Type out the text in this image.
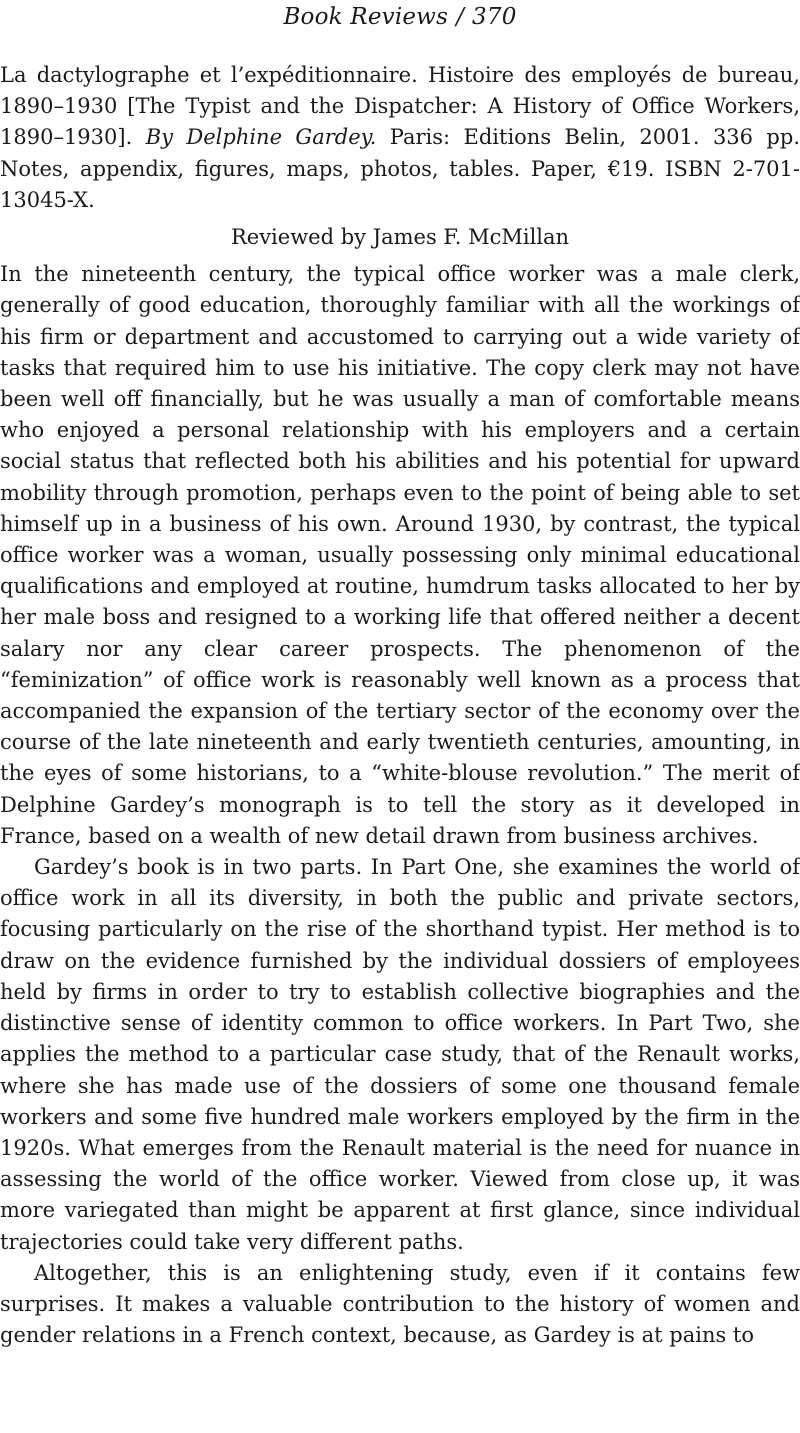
Book Reviews / 370

La dactylographe et l’expéditionnaire. Histoire des employés de bureau, 1890–1930 [The Typist and the Dispatcher: A History of Office Workers, 1890–1930]. By Delphine Gardey. Paris: Editions Belin, 2001. 336 pp. Notes, appendix, figures, maps, photos, tables. Paper, €19. ISBN 2-701-13045-X.

Reviewed by James F. McMillan

In the nineteenth century, the typical office worker was a male clerk, generally of good education, thoroughly familiar with all the workings of his firm or department and accustomed to carrying out a wide variety of tasks that required him to use his initiative. The copy clerk may not have been well off financially, but he was usually a man of comfortable means who enjoyed a personal relationship with his employers and a certain social status that reflected both his abilities and his potential for upward mobility through promotion, perhaps even to the point of being able to set himself up in a business of his own. Around 1930, by contrast, the typical office worker was a woman, usually possessing only minimal educational qualifications and employed at routine, humdrum tasks allocated to her by her male boss and resigned to a working life that offered neither a decent salary nor any clear career prospects. The phenomenon of the “feminization” of office work is reasonably well known as a process that accompanied the expansion of the tertiary sector of the economy over the course of the late nineteenth and early twentieth centuries, amounting, in the eyes of some historians, to a “white-blouse revolution.” The merit of Delphine Gardey’s monograph is to tell the story as it developed in France, based on a wealth of new detail drawn from business archives.

Gardey’s book is in two parts. In Part One, she examines the world of office work in all its diversity, in both the public and private sectors, focusing particularly on the rise of the shorthand typist. Her method is to draw on the evidence furnished by the individual dossiers of employees held by firms in order to try to establish collective biographies and the distinctive sense of identity common to office workers. In Part Two, she applies the method to a particular case study, that of the Renault works, where she has made use of the dossiers of some one thousand female workers and some five hundred male workers employed by the firm in the 1920s. What emerges from the Renault material is the need for nuance in assessing the world of the office worker. Viewed from close up, it was more variegated than might be apparent at first glance, since individual trajectories could take very different paths.

Altogether, this is an enlightening study, even if it contains few surprises. It makes a valuable contribution to the history of women and gender relations in a French context, because, as Gardey is at pains to
